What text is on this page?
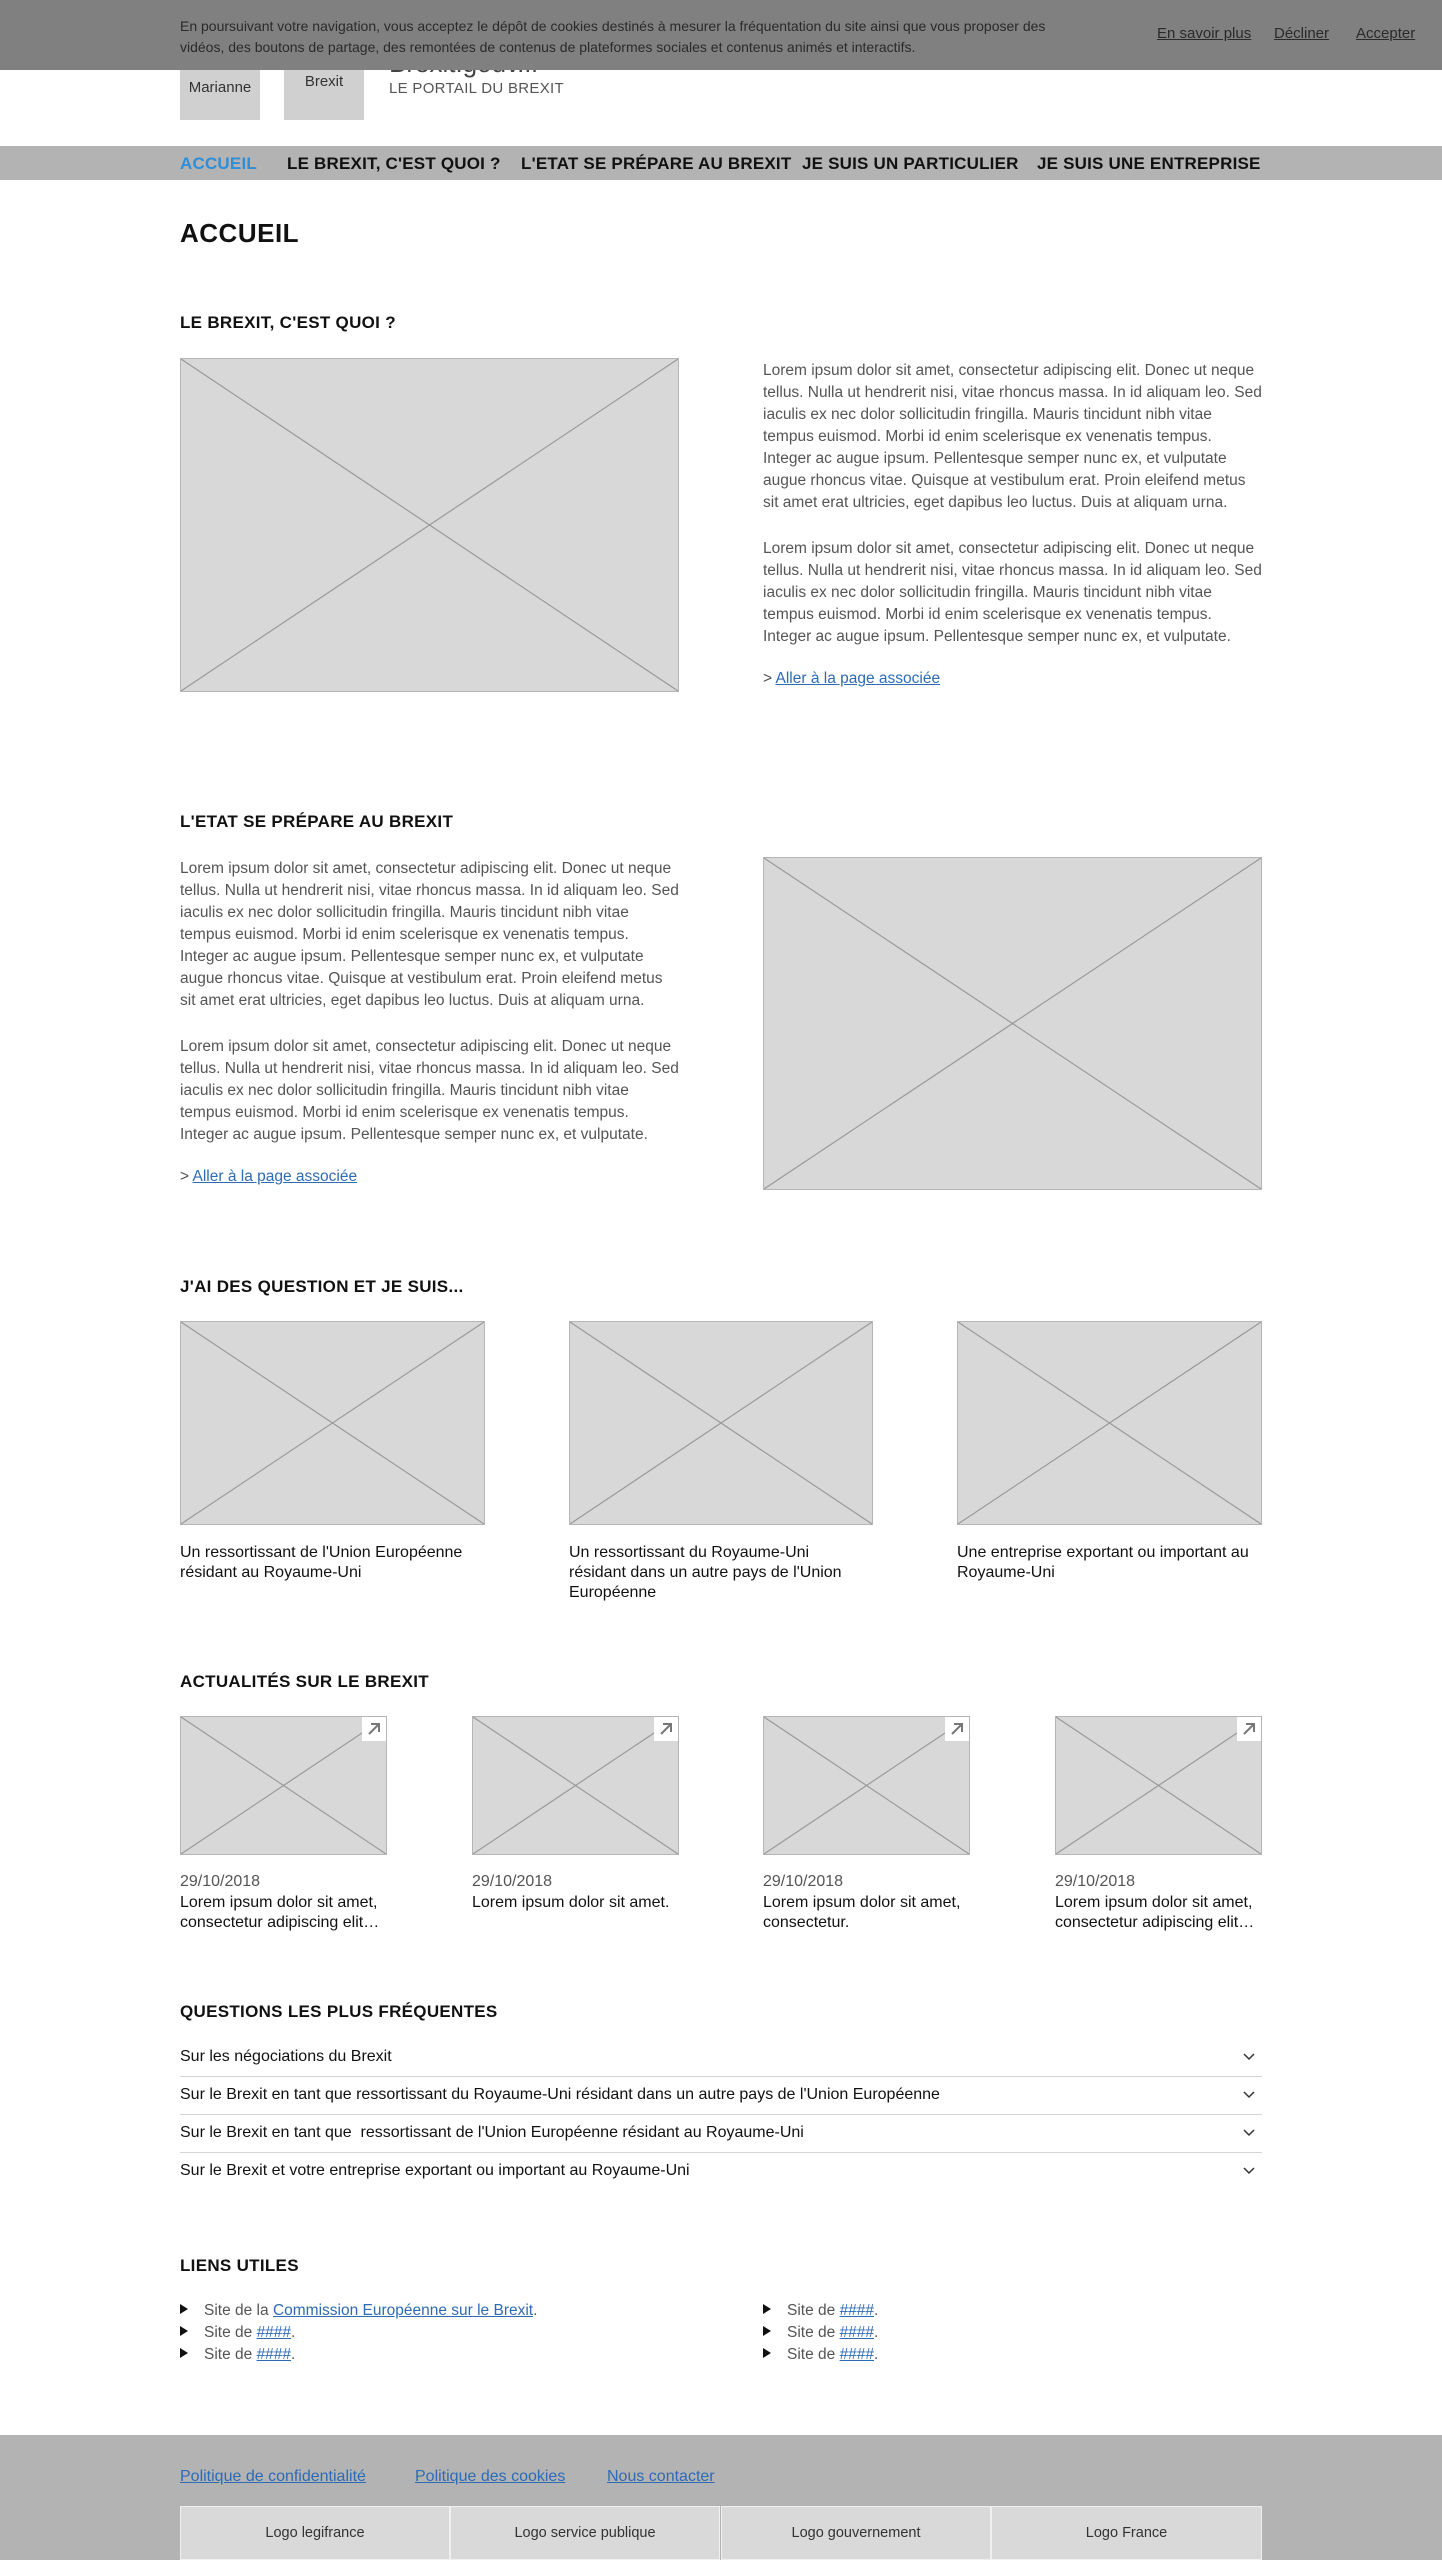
Marianne	Brexit	LE PORTAIL DU BREXIT
En poursuivant votre navigation, vous acceptez le dépôt de cookies destinés à mesurer la fréquentation du site ainsi que vous proposer des vidéos, des boutons de partage, des remontées de contenus de plateformes sociales et contenus animés et interactifs.
En savoir plus Décliner Accepter
ACCUEIL LE BREXIT, C'EST QUOI ? L'ETAT SE PRÉPARE AU BREXIT JE SUIS UN PARTICULIER JE SUIS UNE ENTREPRISE
ACCUEIL
LE BREXIT, C'EST QUOI ?

Lorem ipsum dolor sit amet, consectetur adipiscing elit. Donec ut neque tellus. Nulla ut hendrerit nisi, vitae rhoncus massa. In id aliquam leo. Sed iaculis ex nec dolor sollicitudin fringilla. Mauris tincidunt nibh vitae tempus euismod. Morbi id enim scelerisque ex venenatis tempus. Integer ac augue ipsum. Pellentesque semper nunc ex, et vulputate augue rhoncus vitae. Quisque at vestibulum erat. Proin eleifend metus sit amet erat ultricies, eget dapibus leo luctus. Duis at aliquam urna.

Lorem ipsum dolor sit amet, consectetur adipiscing elit. Donec ut neque tellus. Nulla ut hendrerit nisi, vitae rhoncus massa. In id aliquam leo. Sed iaculis ex nec dolor sollicitudin fringilla. Mauris tincidunt nibh vitae tempus euismod. Morbi id enim scelerisque ex venenatis tempus. Integer ac augue ipsum. Pellentesque semper nunc ex, et vulputate.

> Aller à la page associée
L'ETAT SE PRÉPARE AU BREXIT

Lorem ipsum dolor sit amet, consectetur adipiscing elit. Donec ut neque tellus. Nulla ut hendrerit nisi, vitae rhoncus massa. In id aliquam leo. Sed iaculis ex nec dolor sollicitudin fringilla. Mauris tincidunt nibh vitae tempus euismod. Morbi id enim scelerisque ex venenatis tempus. Integer ac augue ipsum. Pellentesque semper nunc ex, et vulputate augue rhoncus vitae. Quisque at vestibulum erat. Proin eleifend metus sit amet erat ultricies, eget dapibus leo luctus. Duis at aliquam urna.

Lorem ipsum dolor sit amet, consectetur adipiscing elit. Donec ut neque tellus. Nulla ut hendrerit nisi, vitae rhoncus massa. In id aliquam leo. Sed iaculis ex nec dolor sollicitudin fringilla. Mauris tincidunt nibh vitae tempus euismod. Morbi id enim scelerisque ex venenatis tempus. Integer ac augue ipsum. Pellentesque semper nunc ex, et vulputate.

> Aller à la page associée
J'AI DES QUESTION ET JE SUIS...
Un ressortissant de l'Union Européenne résidant au Royaume-Uni
Un ressortissant du Royaume-Uni résidant dans un autre pays de l'Union Européenne
Une entreprise exportant ou important au Royaume-Uni
ACTUALITÉS SUR LE BREXIT
29/10/2018
Lorem ipsum dolor sit amet, consectetur adipiscing elit…
29/10/2018
Lorem ipsum dolor sit amet.
29/10/2018
Lorem ipsum dolor sit amet, consectetur.
29/10/2018
Lorem ipsum dolor sit amet, consectetur adipiscing elit…
QUESTIONS LES PLUS FRÉQUENTES
Sur les négociations du Brexit
Sur le Brexit en tant que ressortissant du Royaume-Uni résidant dans un autre pays de l'Union Européenne
Sur le Brexit en tant que  ressortissant de l'Union Européenne résidant au Royaume-Uni
Sur le Brexit et votre entreprise exportant ou important au Royaume-Uni
LIENS UTILES
Site de la Commission Européenne sur le Brexit.
Site de ####.
Site de ####.
Site de ####.
Site de ####.
Site de ####.
Politique de confidentialité	Politique des cookies	Nous contacter
Logo legifrance	Logo service publique	Logo gouvernement	Logo France
